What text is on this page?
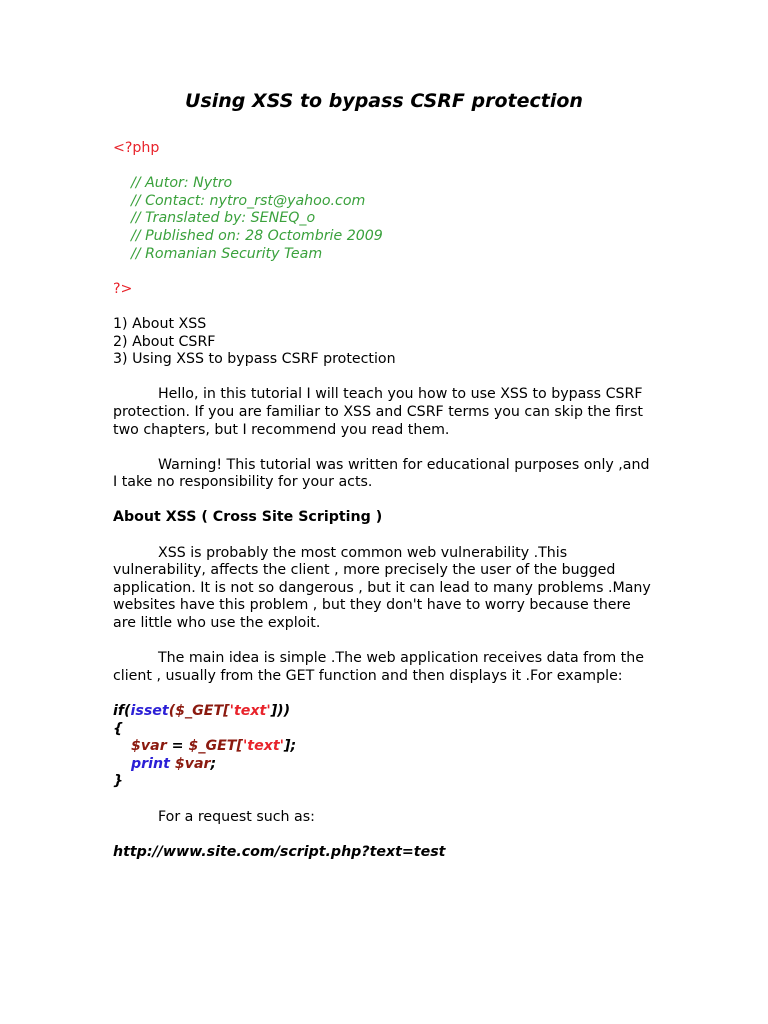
Using XSS to bypass CSRF protection
<?php
// Autor: Nytro
// Contact: nytro_rst@yahoo.com
// Translated by: SENEQ_o
// Published on: 28 Octombrie 2009
// Romanian Security Team
?>
1) About XSS
2) About CSRF
3) Using XSS to bypass CSRF protection

Hello, in this tutorial I will teach you how to use XSS to bypass CSRF protection. If you are familiar to XSS and CSRF terms you can skip the first two chapters, but I recommend you read them.

Warning! This tutorial was written for educational purposes only ,and I take no responsibility for your acts.

About XSS ( Cross Site Scripting )

XSS is probably the most common web vulnerability .This vulnerability, affects the client , more precisely the user of the bugged application. It is not so dangerous , but it can lead to many problems .Many websites have this problem , but they don't have to worry because there are little who use the exploit.

The main idea is simple .The web application receives data from the client , usually from the GET function and then displays it .For example:

if(isset($_GET['text']))
{
$var = $_GET['text'];
print $var;
}

For a request such as:

http://www.site.com/script.php?text=test
